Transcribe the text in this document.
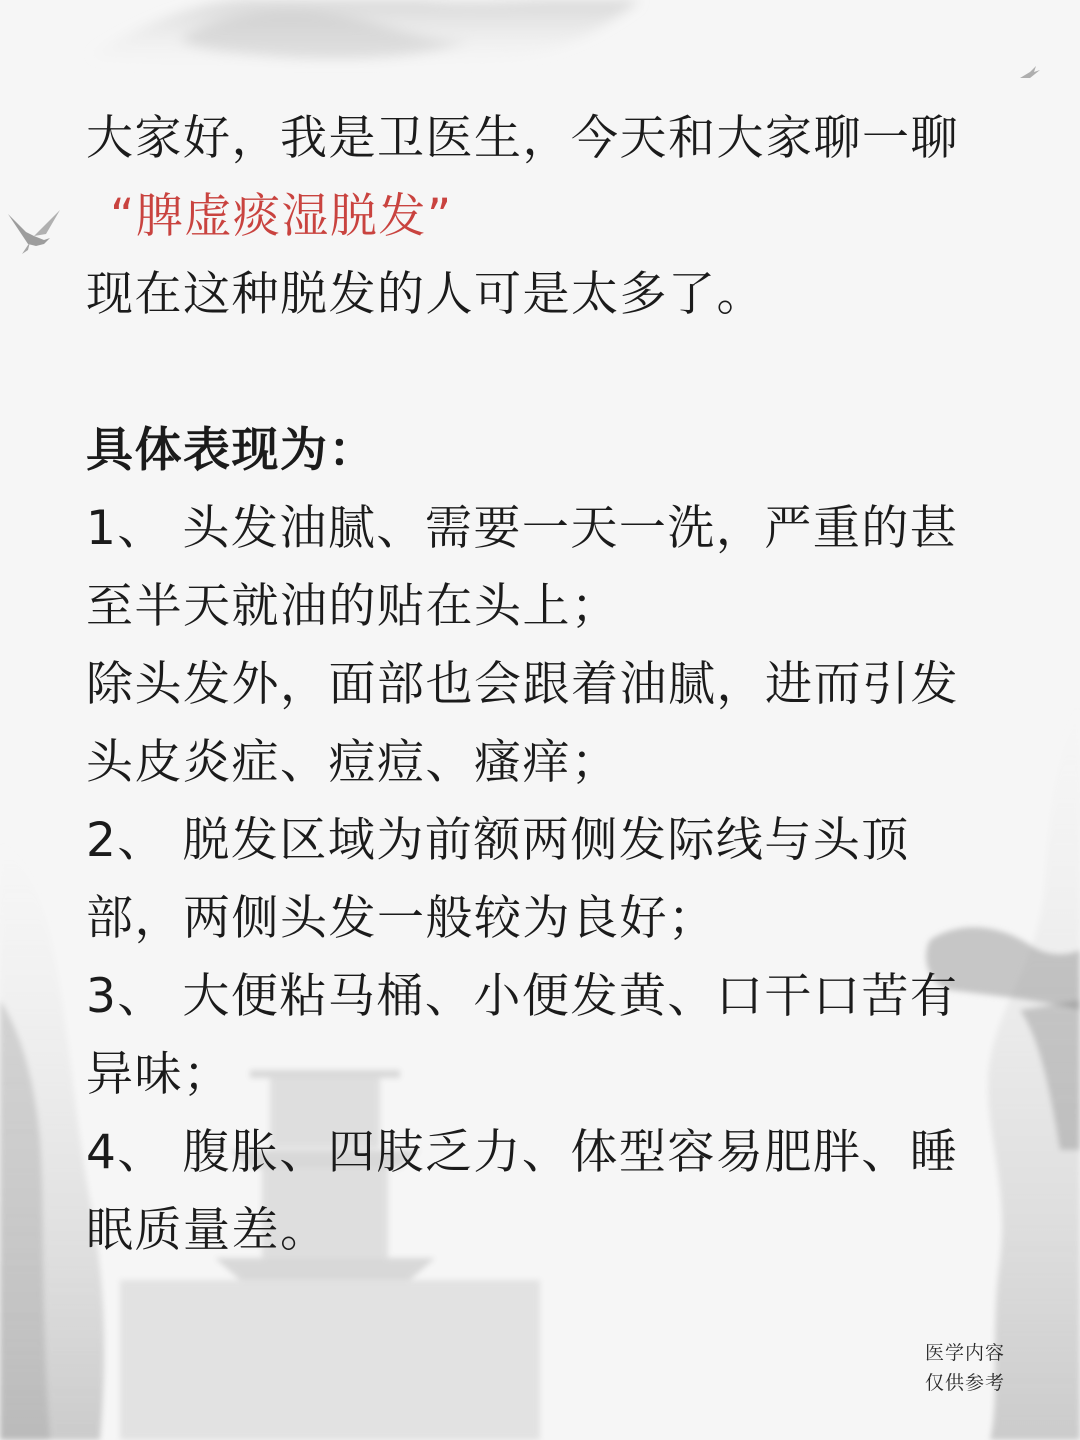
大家好，我是卫医生，今天和大家聊一聊

“脾虚痰湿脱发”

现在这种脱发的人可是太多了。

具体表现为：

1、 头发油腻、需要一天一洗，严重的甚
至半天就油的贴在头上；
除头发外，面部也会跟着油腻，进而引发
头皮炎症、痘痘、瘙痒；
2、 脱发区域为前额两侧发际线与头顶
部，两侧头发一般较为良好；
3、 大便粘马桶、小便发黄、口干口苦有
异味；
4、 腹胀、四肢乏力、体型容易肥胖、睡
眠质量差。
医学内容
仅供参考
